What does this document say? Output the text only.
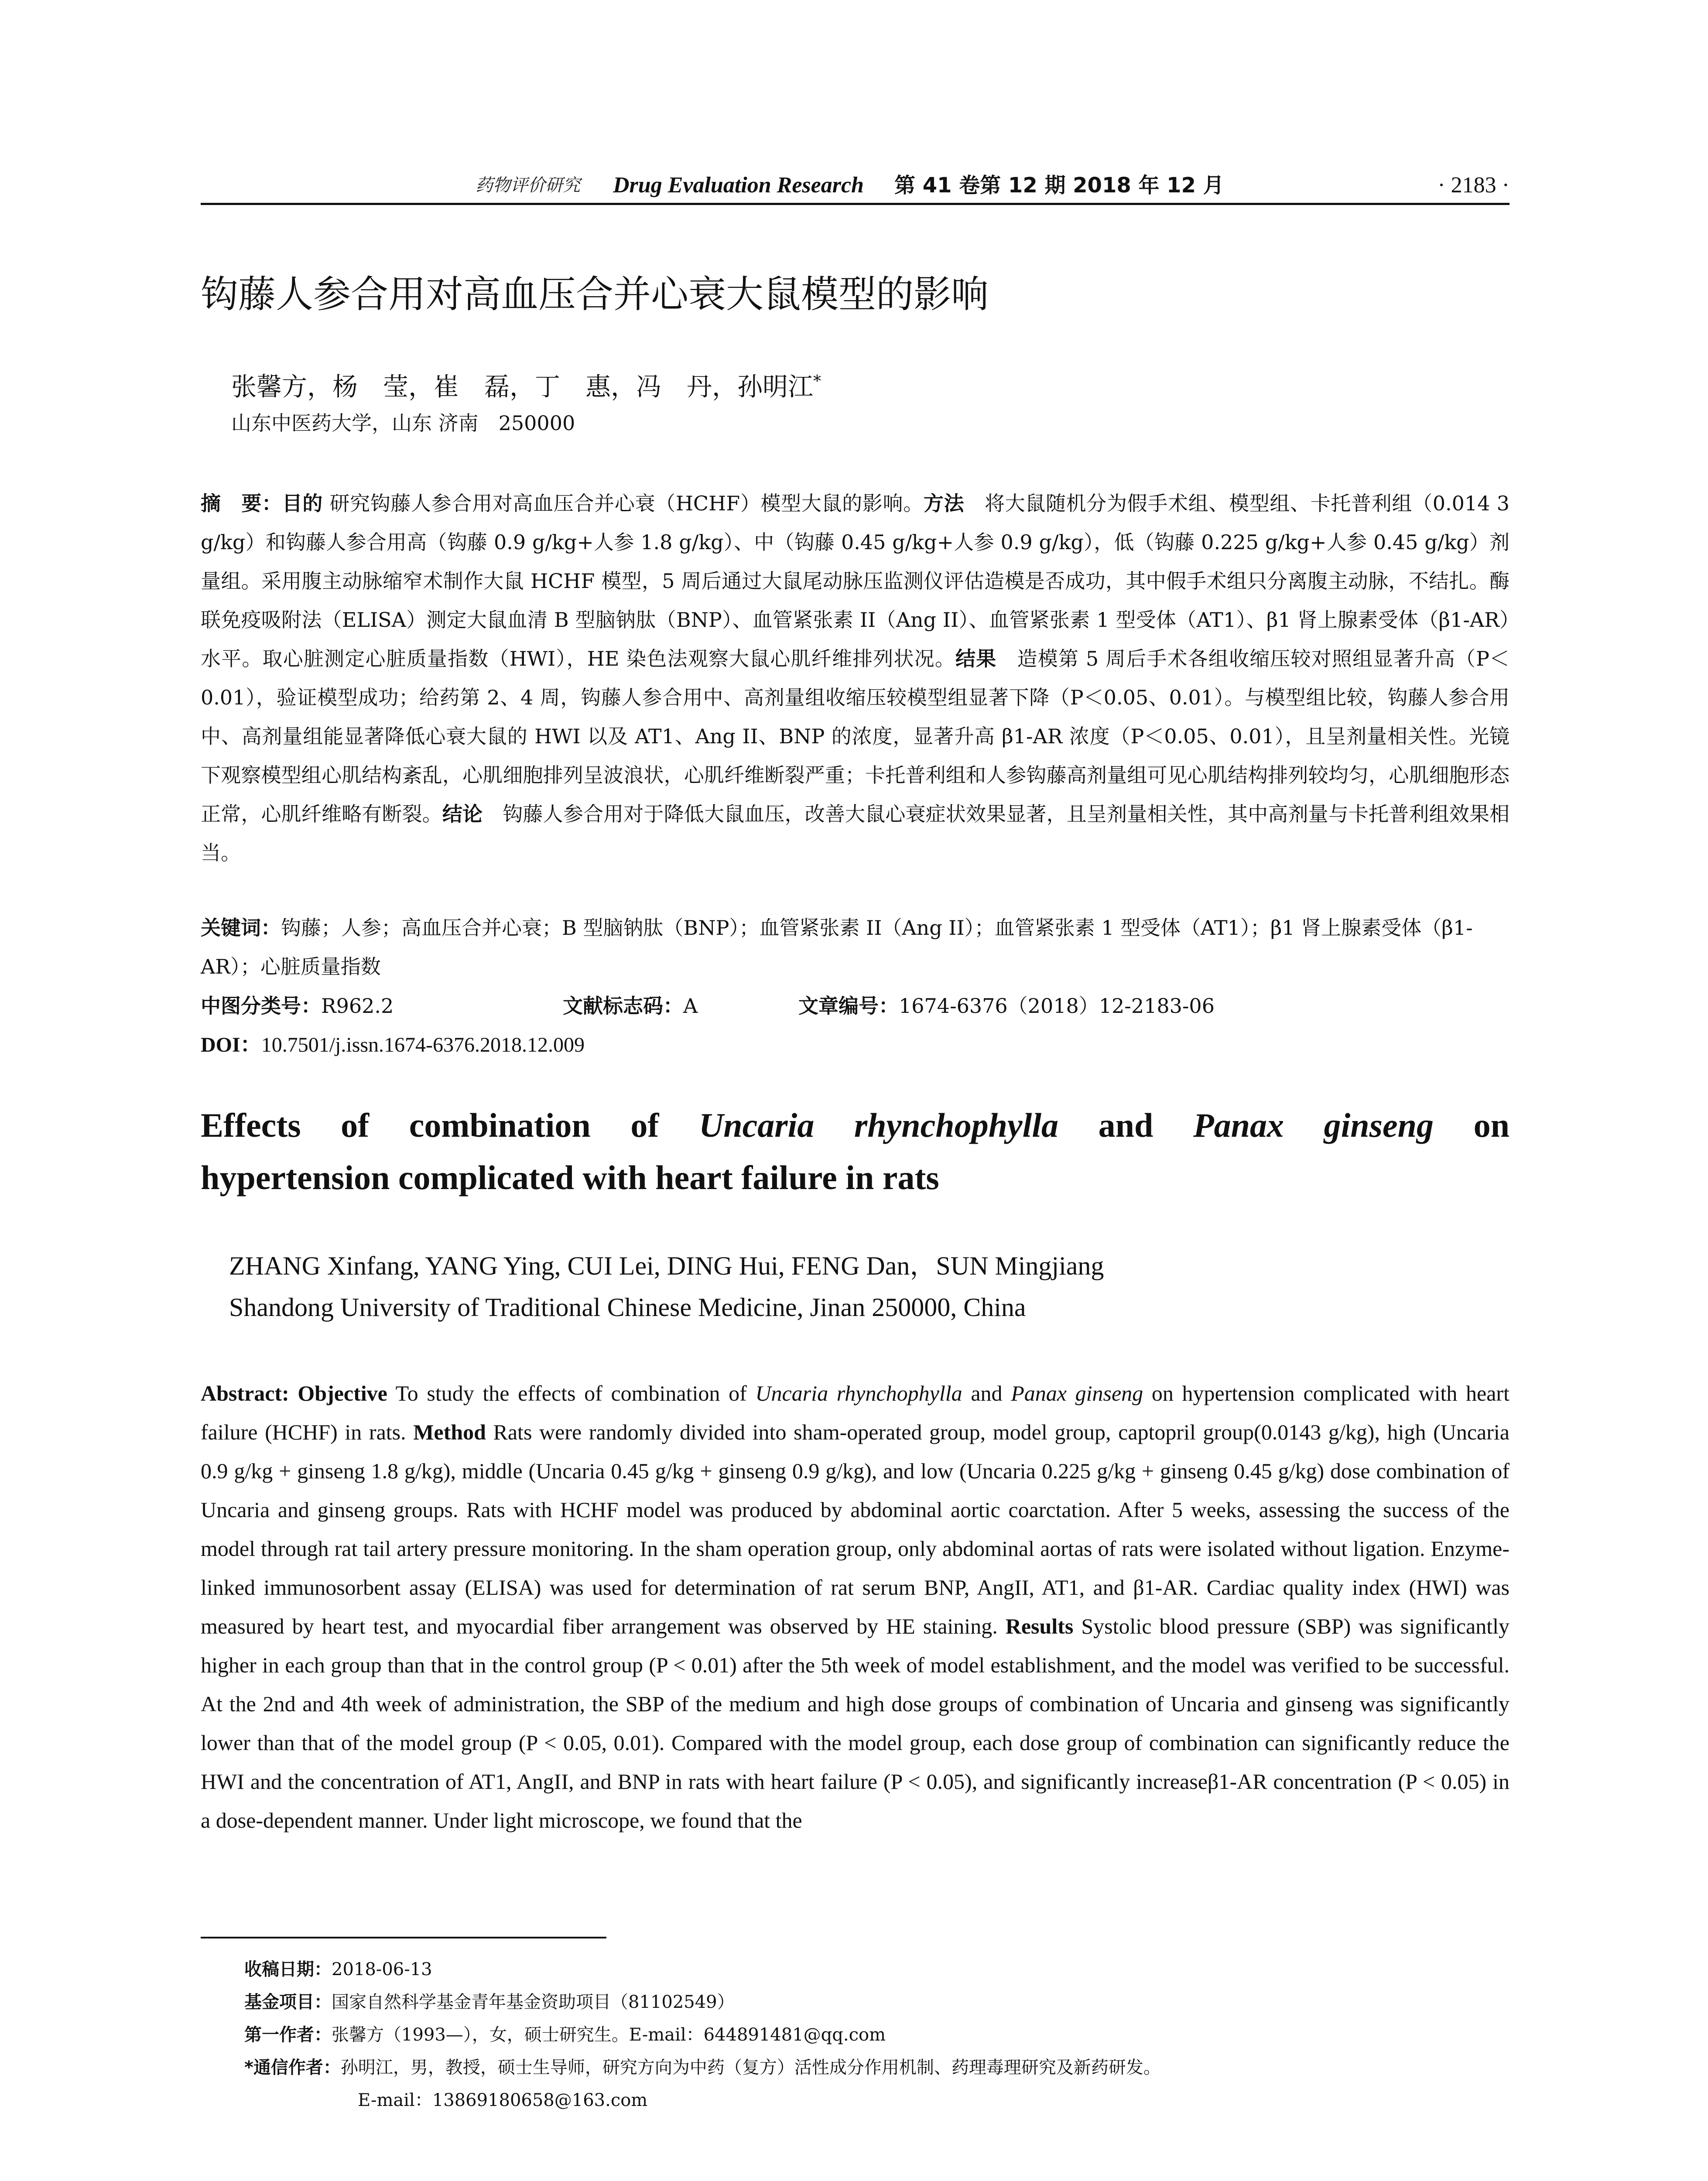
药物评价研究 Drug Evaluation Research 第 41 卷第 12 期 2018 年 12 月	· 2183 ·
钩藤人参合用对高血压合并心衰大鼠模型的影响
张馨方，杨　莹，崔　磊，丁　惠，冯　丹，孙明江*
山东中医药大学，山东 济南　250000
摘　要：目的 研究钩藤人参合用对高血压合并心衰（HCHF）模型大鼠的影响。方法　将大鼠随机分为假手术组、模型组、卡托普利组（0.014 3 g/kg）和钩藤人参合用高（钩藤 0.9 g/kg+人参 1.8 g/kg）、中（钩藤 0.45 g/kg+人参 0.9 g/kg），低（钩藤 0.225 g/kg+人参 0.45 g/kg）剂量组。采用腹主动脉缩窄术制作大鼠 HCHF 模型，5 周后通过大鼠尾动脉压监测仪评估造模是否成功，其中假手术组只分离腹主动脉，不结扎。酶联免疫吸附法（ELISA）测定大鼠血清 B 型脑钠肽（BNP）、血管紧张素 II（Ang II）、血管紧张素 1 型受体（AT1）、β1 肾上腺素受体（β1-AR）水平。取心脏测定心脏质量指数（HWI），HE 染色法观察大鼠心肌纤维排列状况。结果　造模第 5 周后手术各组收缩压较对照组显著升高（P＜0.01），验证模型成功；给药第 2、4 周，钩藤人参合用中、高剂量组收缩压较模型组显著下降（P＜0.05、0.01）。与模型组比较，钩藤人参合用中、高剂量组能显著降低心衰大鼠的 HWI 以及 AT1、Ang II、BNP 的浓度，显著升高 β1-AR 浓度（P＜0.05、0.01），且呈剂量相关性。光镜下观察模型组心肌结构紊乱，心肌细胞排列呈波浪状，心肌纤维断裂严重；卡托普利组和人参钩藤高剂量组可见心肌结构排列较均匀，心肌细胞形态正常，心肌纤维略有断裂。结论　钩藤人参合用对于降低大鼠血压，改善大鼠心衰症状效果显著，且呈剂量相关性，其中高剂量与卡托普利组效果相当。
关键词：钩藤；人参；高血压合并心衰；B 型脑钠肽（BNP）；血管紧张素 II（Ang II）；血管紧张素 1 型受体（AT1）；β1 肾上腺素受体（β1-AR）；心脏质量指数
中图分类号：R962.2	文献标志码：A	文章编号：1674-6376（2018）12-2183-06
DOI：10.7501/j.issn.1674-6376.2018.12.009
Effects of combination of Uncaria rhynchophylla and Panax ginseng on
hypertension complicated with heart failure in rats
ZHANG Xinfang, YANG Ying, CUI Lei, DING Hui, FENG Dan，SUN Mingjiang
Shandong University of Traditional Chinese Medicine, Jinan 250000, China
Abstract: Objective To study the effects of combination of Uncaria rhynchophylla and Panax ginseng on hypertension complicated with heart failure (HCHF) in rats. Method Rats were randomly divided into sham-operated group, model group, captopril group(0.0143 g/kg), high (Uncaria 0.9 g/kg + ginseng 1.8 g/kg), middle (Uncaria 0.45 g/kg + ginseng 0.9 g/kg), and low (Uncaria 0.225 g/kg + ginseng 0.45 g/kg) dose combination of Uncaria and ginseng groups. Rats with HCHF model was produced by abdominal aortic coarctation. After 5 weeks, assessing the success of the model through rat tail artery pressure monitoring. In the sham operation group, only abdominal aortas of rats were isolated without ligation. Enzyme-linked immunosorbent assay (ELISA) was used for determination of rat serum BNP, AngII, AT1, and β1-AR. Cardiac quality index (HWI) was measured by heart test, and myocardial fiber arrangement was observed by HE staining. Results Systolic blood pressure (SBP) was significantly higher in each group than that in the control group (P < 0.01) after the 5th week of model establishment, and the model was verified to be successful. At the 2nd and 4th week of administration, the SBP of the medium and high dose groups of combination of Uncaria and ginseng was significantly lower than that of the model group (P < 0.05, 0.01). Compared with the model group, each dose group of combination can significantly reduce the HWI and the concentration of AT1, AngII, and BNP in rats with heart failure (P < 0.05), and significantly increaseβ1-AR concentration (P < 0.05) in a dose-dependent manner. Under light microscope, we found that the
收稿日期：2018-06-13
基金项目：国家自然科学基金青年基金资助项目（81102549）
第一作者：张馨方（1993—），女，硕士研究生。E-mail：644891481@qq.com
*通信作者：孙明江，男，教授，硕士生导师，研究方向为中药（复方）活性成分作用机制、药理毒理研究及新药研发。
E-mail：13869180658@163.com
